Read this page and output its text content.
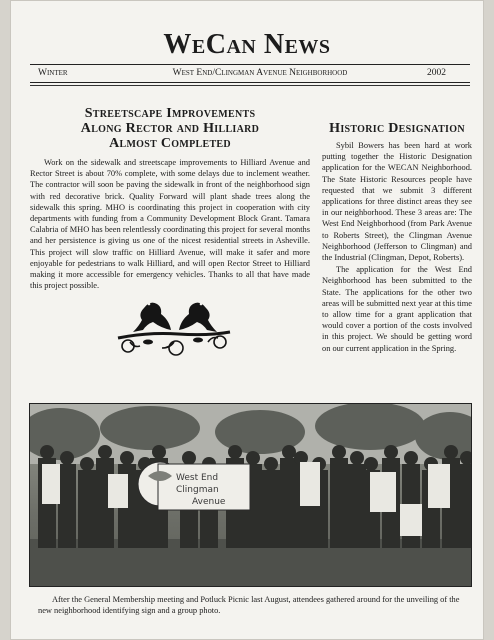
WeCan News
Winter	West End/Clingman Avenue Neighborhood	2002
Streetscape Improvements
Along Rector and Hilliard
Almost Completed

Work on the sidewalk and streetscape improvements to Hilliard Avenue and Rector Street is about 70% complete, with some delays due to inclement weather. The contractor will soon be paving the sidewalk in front of the neighborhood sign with red decorative brick. Quality Forward will plant shade trees along the sidewalk this spring. MHO is coordinating this project in cooperation with city departments with funding from a Community Development Block Grant. Tamara Calabria of MHO has been relentlessly coordinating this project for several months and her persistence is giving us one of the nicest residential streets in Asheville. This project will slow traffic on Hilliard Avenue, will make it safer and more enjoyable for pedestrians to walk Hilliard, and will open Rector Street to Hilliard making it more accessible for emergency vehicles. Thanks to all that have made this project possible.

Historic Designation

Sybil Bowers has been hard at work putting together the Historic Designation application for the WECAN Neighborhood. The State Historic Resources people have requested that we submit 3 different applications for three distinct areas they see in our neighborhood. These 3 areas are: The West End Neighborhood (from Park Avenue to Roberts Street), the Clingman Avenue Neighborhood (Jefferson to Clingman) and the Industrial (Clingman, Depot, Roberts).

The application for the West End Neighborhood has been submitted to the State. The applications for the other two areas will be submitted next year at this time to allow time for a grant application that would cover a portion of the costs involved in this project. We should be getting word on our current application in the Spring.

West End
Clingman
Avenue
After the General Membership meeting and Potluck Picnic last August, attendees gathered around for the unveiling of the new neighborhood identifying sign and a group photo.
